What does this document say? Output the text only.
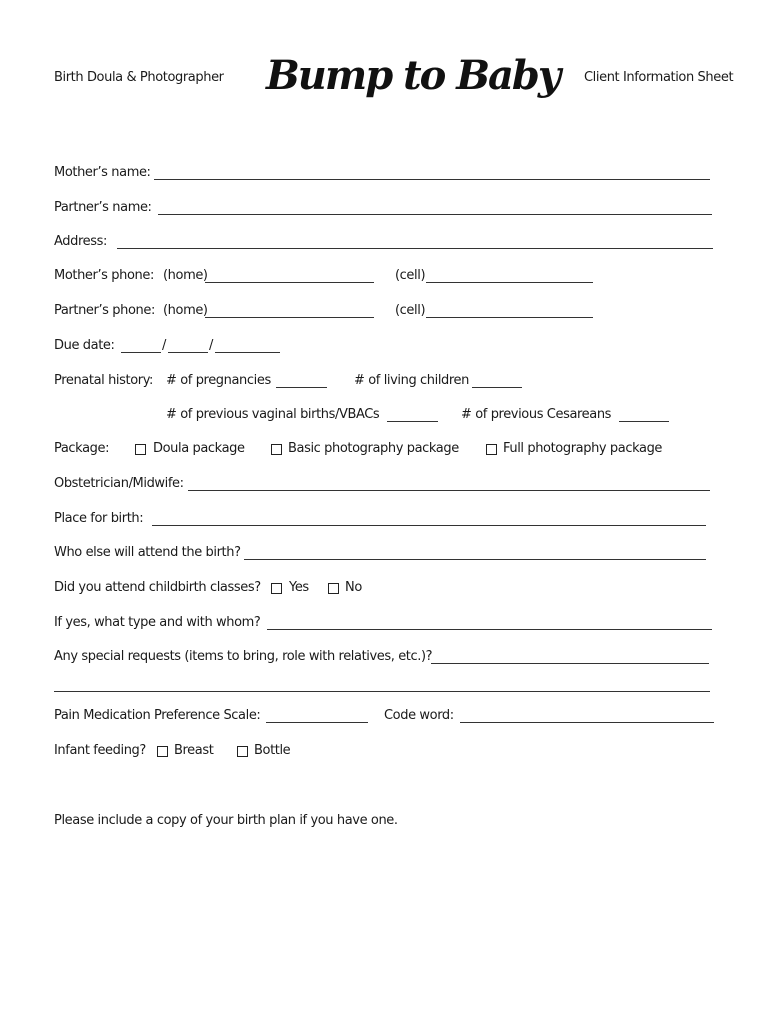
Birth Doula & Photographer Bump to Baby Client Information Sheet
Mother’s name:
Partner’s name:
Address:
Mother’s phone: (home)	(cell)
Partner’s phone: (home)	(cell)
Due date:	/	/
Prenatal history: # of pregnancies	# of living children
# of previous vaginal births/VBACs	# of previous Cesareans
Package:	Doula package	Basic photography package	Full photography package
Obstetrician/Midwife:
Place for birth:
Who else will attend the birth?
Did you attend childbirth classes? Yes	No
If yes, what type and with whom?
Any special requests (items to bring, role with relatives, etc.)?
Pain Medication Preference Scale:	Code word:
Infant feeding? Breast	Bottle
Please include a copy of your birth plan if you have one.
